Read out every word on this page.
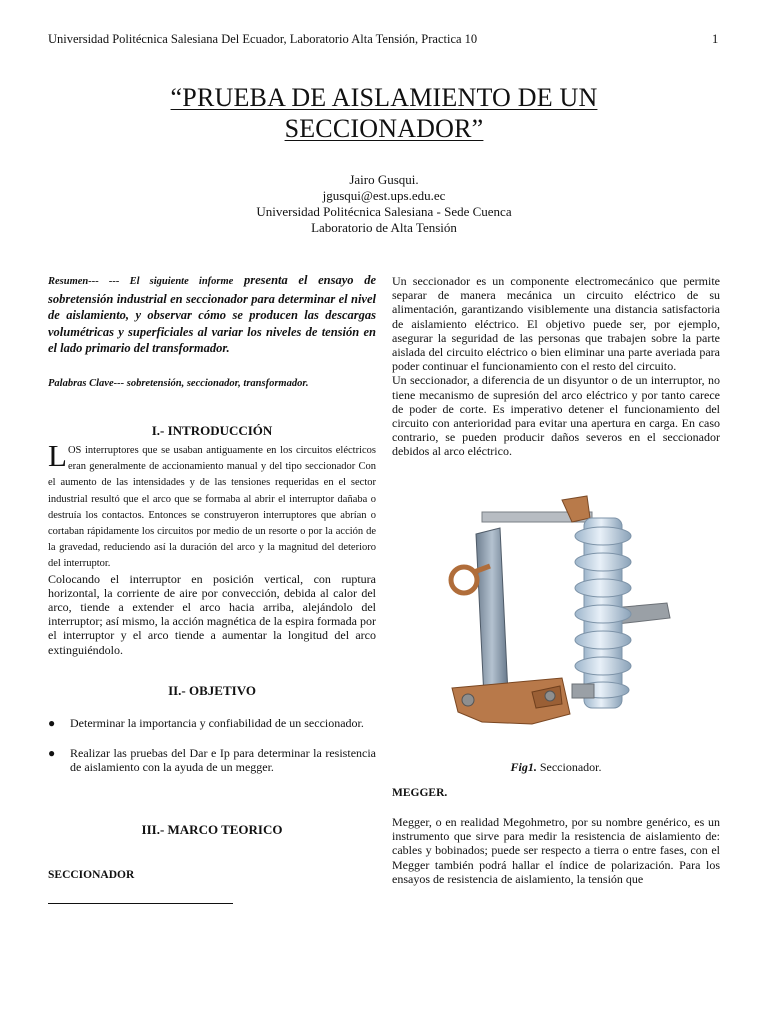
Universidad Politécnica Salesiana Del Ecuador, Laboratorio Alta Tensión, Practica 10	1
“PRUEBA DE AISLAMIENTO DE UN
SECCIONADOR”
Jairo Gusqui.
jgusqui@est.ups.edu.ec
Universidad Politécnica Salesiana - Sede Cuenca
Laboratorio de Alta Tensión
Resumen--- --- El siguiente informe presenta el ensayo de sobretensión industrial en seccionador para determinar el nivel de aislamiento, y observar cómo se producen las descargas volumétricas y superficiales al variar los niveles de tensión en el lado primario del transformador.
Palabras Clave--- sobretensión, seccionador, transformador.
I.- INTRODUCCIÓN
LOS interruptores que se usaban antiguamente en los circuitos eléctricos eran generalmente de accionamiento manual y del tipo seccionador Con el aumento de las intensidades y de las tensiones requeridas en el sector industrial resultó que el arco que se formaba al abrir el interruptor dañaba o destruía los contactos. Entonces se construyeron interruptores que abrían o cortaban rápidamente los circuitos por medio de un resorte o por la acción de la gravedad, reduciendo así la duración del arco y la magnitud del deterioro del interruptor.
Colocando el interruptor en posición vertical, con ruptura horizontal, la corriente de aire por convección, debida al calor del arco, tiende a extender el arco hacia arriba, alejándolo del interruptor; así mismo, la acción magnética de la espira formada por el interruptor y el arco tiende a aumentar la longitud del arco extinguiéndolo.
II.- OBJETIVO
●	Determinar la importancia y confiabilidad de un seccionador.
●	Realizar las pruebas del Dar e Ip para determinar la resistencia de aislamiento con la ayuda de un megger.
III.- MARCO TEORICO
SECCIONADOR
Un seccionador es un componente electromecánico que permite separar de manera mecánica un circuito eléctrico de su alimentación, garantizando visiblemente una distancia satisfactoria de aislamiento eléctrico. El objetivo puede ser, por ejemplo, asegurar la seguridad de las personas que trabajen sobre la parte aislada del circuito eléctrico o bien eliminar una parte averiada para poder continuar el funcionamiento con el resto del circuito.
Un seccionador, a diferencia de un disyuntor o de un interruptor, no tiene mecanismo de supresión del arco eléctrico y por tanto carece de poder de corte. Es imperativo detener el funcionamiento del circuito con anterioridad para evitar una apertura en carga. En caso contrario, se pueden producir daños severos en el seccionador debidos al arco eléctrico.
Fig1. Seccionador.
MEGGER.
Megger, o en realidad Megohmetro, por su nombre genérico, es un instrumento que sirve para medir la resistencia de aislamiento de: cables y bobinados; puede ser respecto a tierra o entre fases, con el Megger también podrá hallar el índice de polarización. Para los ensayos de resistencia de aislamiento, la tensión que
